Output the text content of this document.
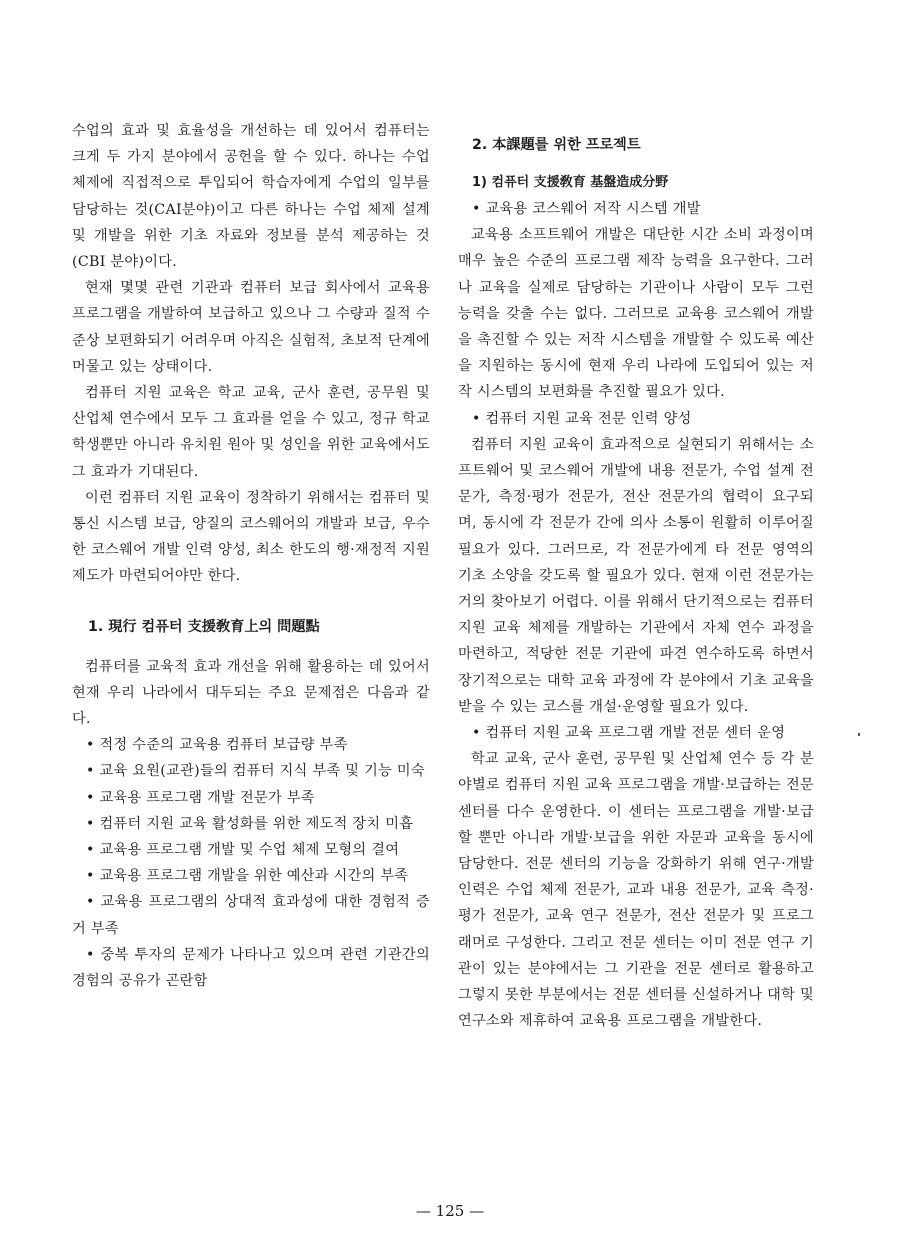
수업의 효과 및 효율성을 개선하는 데 있어서 컴퓨터는 크게 두 가지 분야에서 공헌을 할 수 있다. 하나는 수업 체제에 직접적으로 투입되어 학습자에게 수업의 일부를 담당하는 것(CAI분야)이고 다른 하나는 수업 체제 설계 및 개발을 위한 기초 자료와 정보를 분석 제공하는 것(CBI 분야)이다.

현재 몇몇 관련 기관과 컴퓨터 보급 회사에서 교육용 프로그램을 개발하여 보급하고 있으나 그 수량과 질적 수준상 보편화되기 어려우며 아직은 실험적, 초보적 단계에 머물고 있는 상태이다.

컴퓨터 지원 교육은 학교 교육, 군사 훈련, 공무원 및 산업체 연수에서 모두 그 효과를 얻을 수 있고, 정규 학교 학생뿐만 아니라 유치원 원아 및 성인을 위한 교육에서도 그 효과가 기대된다.

이런 컴퓨터 지원 교육이 정착하기 위해서는 컴퓨터 및 통신 시스템 보급, 양질의 코스웨어의 개발과 보급, 우수한 코스웨어 개발 인력 양성, 최소 한도의 행·재정적 지원 제도가 마련되어야만 한다.

1. 現行 컴퓨터 支援敎育上의 問題點

컴퓨터를 교육적 효과 개선을 위해 활용하는 데 있어서 현재 우리 나라에서 대두되는 주요 문제점은 다음과 같다.

• 적정 수준의 교육용 컴퓨터 보급량 부족

• 교육 요원(교관)들의 컴퓨터 지식 부족 및 기능 미숙

• 교육용 프로그램 개발 전문가 부족

• 컴퓨터 지원 교육 활성화를 위한 제도적 장치 미흡

• 교육용 프로그램 개발 및 수업 체제 모형의 결여

• 교육용 프로그램 개발을 위한 예산과 시간의 부족

• 교육용 프로그램의 상대적 효과성에 대한 경험적 증거 부족

• 중복 투자의 문제가 나타나고 있으며 관련 기관간의 경험의 공유가 곤란함

2. 本課題를 위한 프로젝트
1) 컴퓨터 支援敎育 基盤造成分野

• 교육용 코스웨어 저작 시스템 개발

교육용 소프트웨어 개발은 대단한 시간 소비 과정이며 매우 높은 수준의 프로그램 제작 능력을 요구한다. 그러나 교육을 실제로 담당하는 기관이나 사람이 모두 그런 능력을 갖출 수는 없다. 그러므로 교육용 코스웨어 개발을 촉진할 수 있는 저작 시스템을 개발할 수 있도록 예산을 지원하는 동시에 현재 우리 나라에 도입되어 있는 저작 시스템의 보편화를 추진할 필요가 있다.

• 컴퓨터 지원 교육 전문 인력 양성

컴퓨터 지원 교육이 효과적으로 실현되기 위해서는 소프트웨어 및 코스웨어 개발에 내용 전문가, 수업 설계 전문가, 측정·평가 전문가, 전산 전문가의 협력이 요구되며, 동시에 각 전문가 간에 의사 소통이 원활히 이루어질 필요가 있다. 그러므로, 각 전문가에게 타 전문 영역의 기초 소양을 갖도록 할 필요가 있다. 현재 이런 전문가는 거의 찾아보기 어렵다. 이를 위해서 단기적으로는 컴퓨터 지원 교육 체제를 개발하는 기관에서 자체 연수 과정을 마련하고, 적당한 전문 기관에 파견 연수하도록 하면서 장기적으로는 대학 교육 과정에 각 분야에서 기초 교육을 받을 수 있는 코스를 개설·운영할 필요가 있다.

• 컴퓨터 지원 교육 프로그램 개발 전문 센터 운영

학교 교육, 군사 훈련, 공무원 및 산업체 연수 등 각 분야별로 컴퓨터 지원 교육 프로그램을 개발·보급하는 전문 센터를 다수 운영한다. 이 센터는 프로그램을 개발·보급할 뿐만 아니라 개발·보급을 위한 자문과 교육을 동시에 담당한다. 전문 센터의 기능을 강화하기 위해 연구·개발 인력은 수업 체제 전문가, 교과 내용 전문가, 교육 측정·평가 전문가, 교육 연구 전문가, 전산 전문가 및 프로그래머로 구성한다. 그리고 전문 센터는 이미 전문 연구 기관이 있는 분야에서는 그 기관을 전문 센터로 활용하고 그렇지 못한 부분에서는 전문 센터를 신설하거나 대학 및 연구소와 제휴하여 교육용 프로그램을 개발한다.

— 125 —
